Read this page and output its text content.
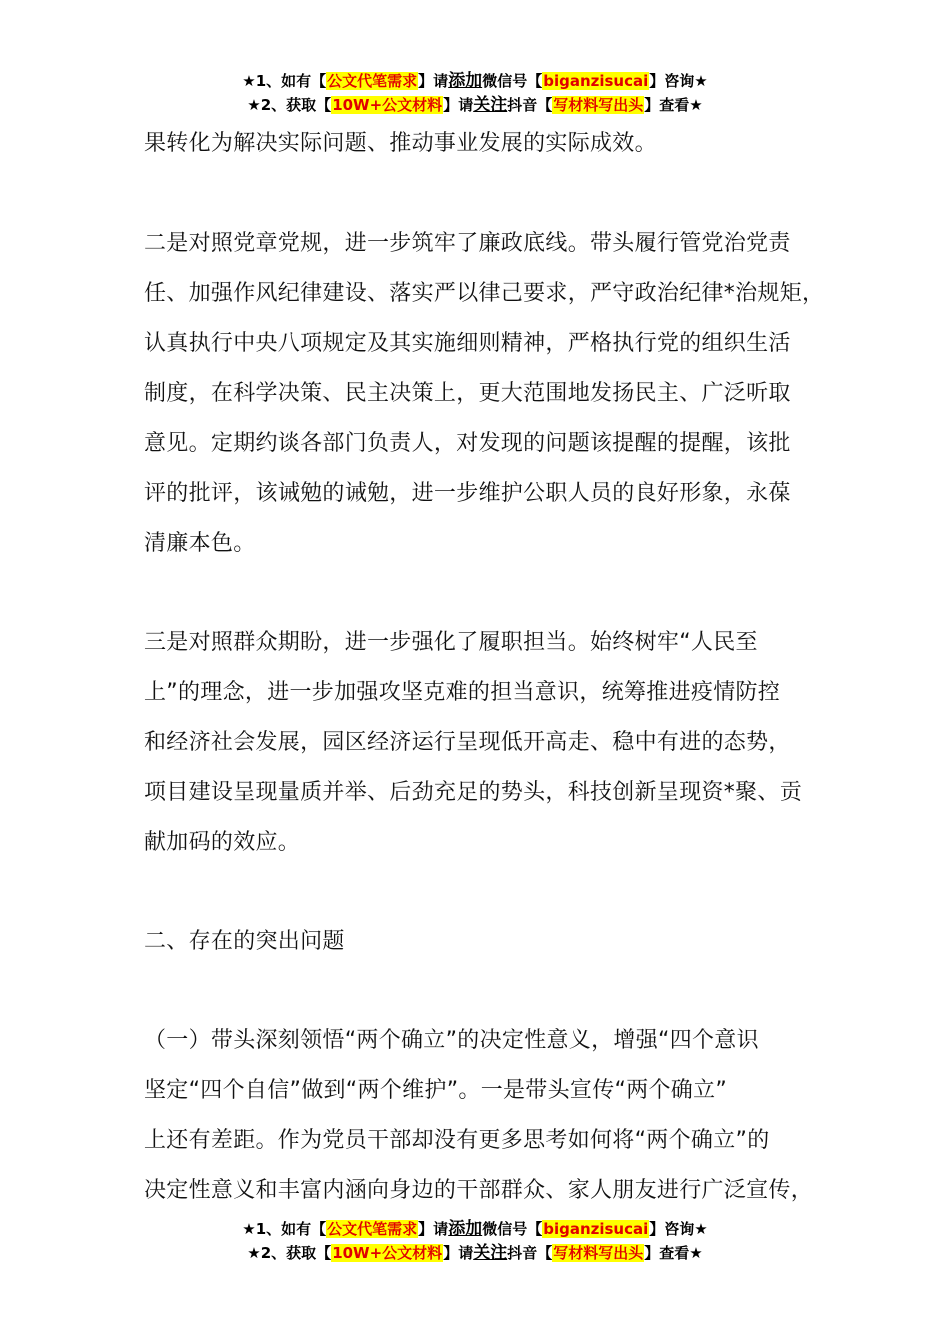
★1、如有【公文代笔需求】请添加微信号【biganzisucai】咨询★
★2、获取【10W+公文材料】请关注抖音【写材料写出头】查看★
果转化为解决实际问题、推动事业发展的实际成效。
二是对照党章党规，进一步筑牢了廉政底线。带头履行管党治党责
任、加强作风纪律建设、落实严以律己要求，严守政治纪律*治规矩，
认真执行中央八项规定及其实施细则精神，严格执行党的组织生活
制度，在科学决策、民主决策上，更大范围地发扬民主、广泛听取
意见。定期约谈各部门负责人，对发现的问题该提醒的提醒，该批
评的批评，该诫勉的诫勉，进一步维护公职人员的良好形象，永葆
清廉本色。
三是对照群众期盼，进一步强化了履职担当。始终树牢“人民至
上”的理念，进一步加强攻坚克难的担当意识，统筹推进疫情防控
和经济社会发展，园区经济运行呈现低开高走、稳中有进的态势，
项目建设呈现量质并举、后劲充足的势头，科技创新呈现资*聚、贡
献加码的效应。
二、存在的突出问题
（一）带头深刻领悟“两个确立”的决定性意义，增强“四个意识
坚定“四个自信”做到“两个维护”。一是带头宣传“两个确立”
上还有差距。作为党员干部却没有更多思考如何将“两个确立”的
决定性意义和丰富内涵向身边的干部群众、家人朋友进行广泛宣传，
★1、如有【公文代笔需求】请添加微信号【biganzisucai】咨询★
★2、获取【10W+公文材料】请关注抖音【写材料写出头】查看★
